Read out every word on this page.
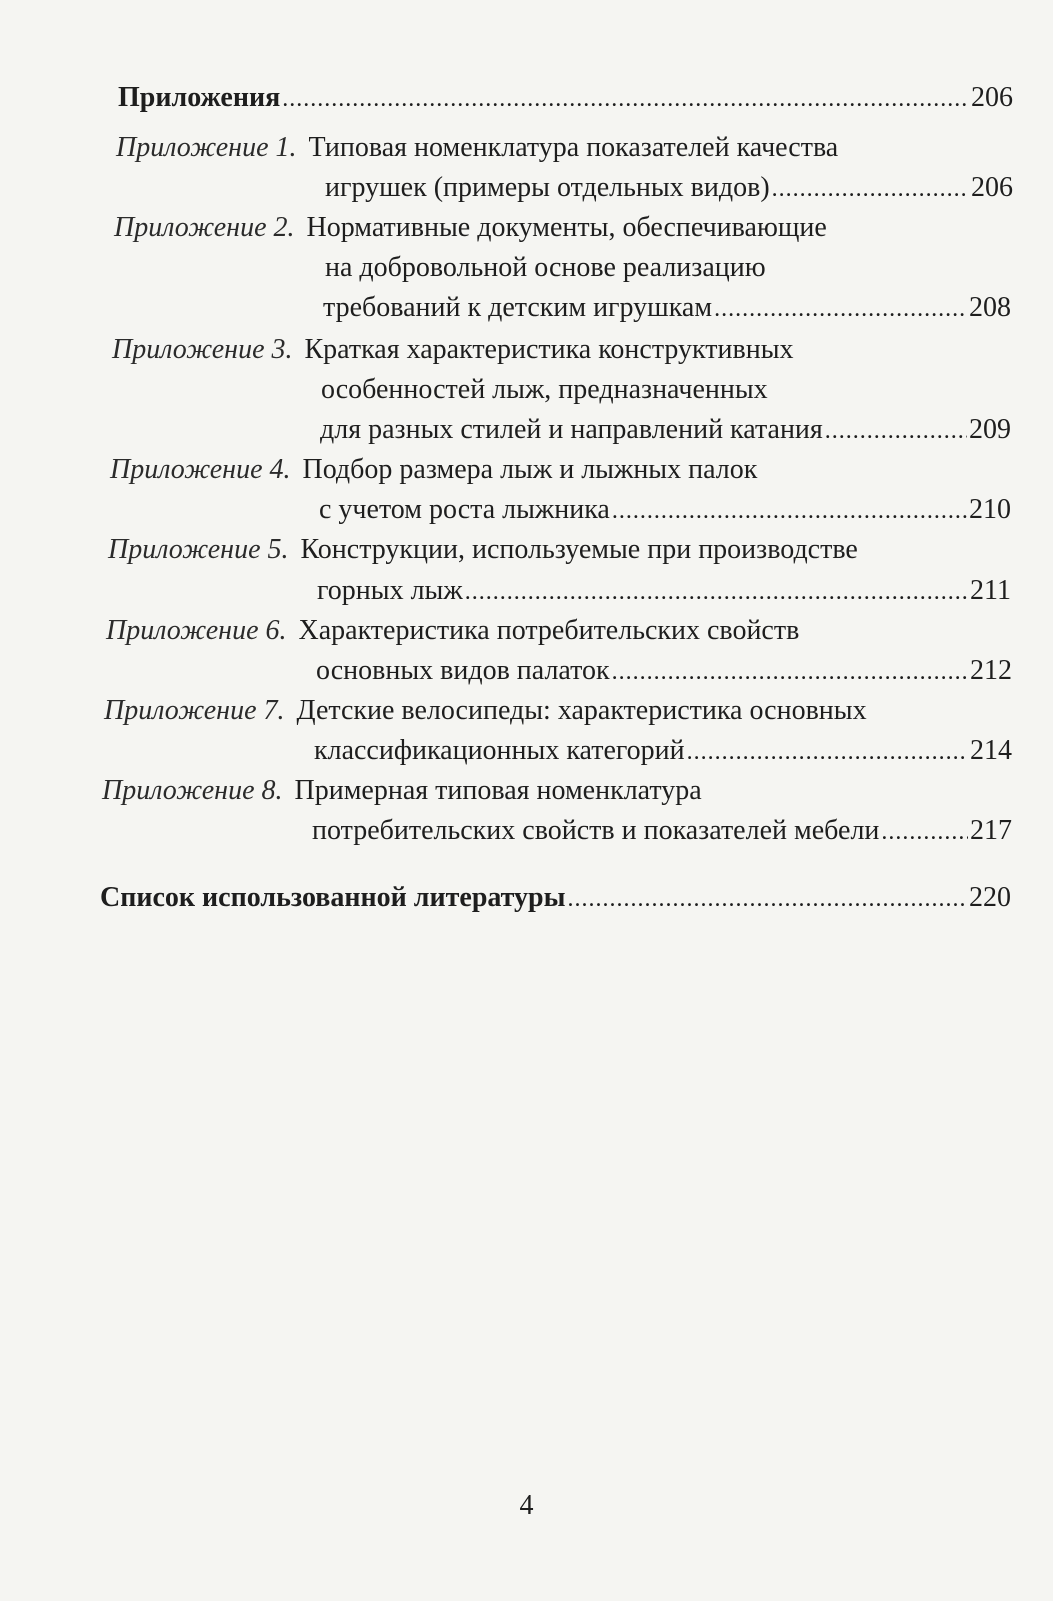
Приложения .....	206
Приложение 1. Типовая номенклатура показателей качества
игрушек (примеры отдельных видов) .....	206
Приложение 2. Нормативные документы, обеспечивающие
на добровольной основе реализацию
требований к детским игрушкам .....	208
Приложение 3. Краткая характеристика конструктивных
особенностей лыж, предназначенных
для разных стилей и направлений катания .....	209
Приложение 4. Подбор размера лыж и лыжных палок
с учетом роста лыжника .....	210
Приложение 5. Конструкции, используемые при производстве
горных лыж .....	211
Приложение 6. Характеристика потребительских свойств
основных видов палаток .....	212
Приложение 7. Детские велосипеды: характеристика основных
классификационных категорий .....	214
Приложение 8. Примерная типовая номенклатура
потребительских свойств и показателей мебели .....	217
Список использованной литературы .....	220
4
